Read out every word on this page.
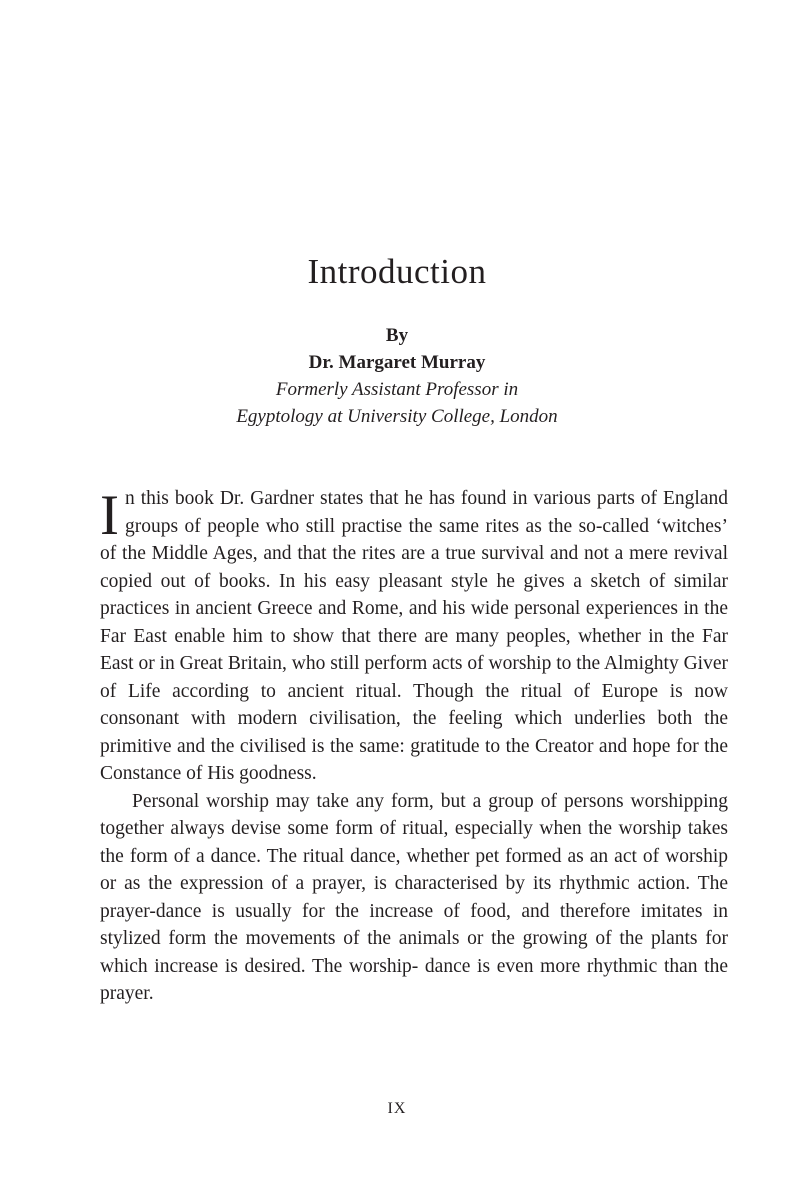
Introduction
By
Dr. Margaret Murray
Formerly Assistant Professor in
Egyptology at University College, London

In this book Dr. Gardner states that he has found in various parts of England groups of people who still practise the same rites as the so-called ‘witches’ of the Middle Ages, and that the rites are a true survival and not a mere revival copied out of books. In his easy pleasant style he gives a sketch of similar practices in ancient Greece and Rome, and his wide personal experiences in the Far East enable him to show that there are many peoples, whether in the Far East or in Great Britain, who still perform acts of worship to the Almighty Giver of Life according to ancient ritual. Though the ritual of Europe is now consonant with modern civilisation, the feeling which underlies both the primitive and the civilised is the same: gratitude to the Creator and hope for the Constance of His goodness.

Personal worship may take any form, but a group of persons worshipping together always devise some form of ritual, especially when the worship takes the form of a dance. The ritual dance, whether pet formed as an act of worship or as the expression of a prayer, is characterised by its rhythmic action. The prayer-dance is usually for the increase of food, and therefore imitates in stylized form the movements of the animals or the growing of the plants for which increase is desired. The worship- dance is even more rhythmic than the prayer.

IX
